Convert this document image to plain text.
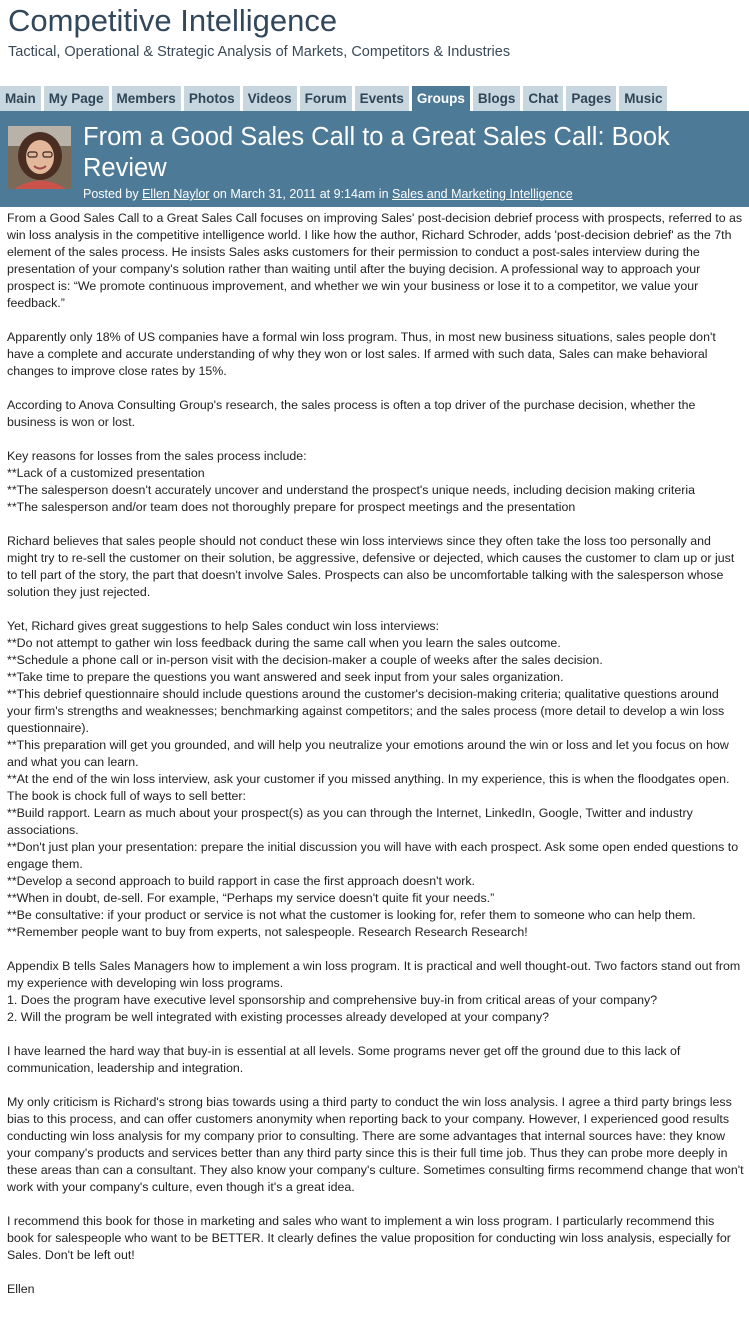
Competitive Intelligence
Tactical, Operational & Strategic Analysis of Markets, Competitors & Industries
Main My Page Members Photos Videos Forum Events Groups Blogs Chat Pages Music
From a Good Sales Call to a Great Sales Call: Book Review
Posted by Ellen Naylor on March 31, 2011 at 9:14am in Sales and Marketing Intelligence

From a Good Sales Call to a Great Sales Call focuses on improving Sales' post-decision debrief process with prospects, referred to as win loss analysis in the competitive intelligence world. I like how the author, Richard Schroder, adds 'post-decision debrief' as the 7th element of the sales process. He insists Sales asks customers for their permission to conduct a post-sales interview during the presentation of your company's solution rather than waiting until after the buying decision. A professional way to approach your prospect is: “We promote continuous improvement, and whether we win your business or lose it to a competitor, we value your feedback.”

Apparently only 18% of US companies have a formal win loss program. Thus, in most new business situations, sales people don't have a complete and accurate understanding of why they won or lost sales. If armed with such data, Sales can make behavioral changes to improve close rates by 15%.

According to Anova Consulting Group's research, the sales process is often a top driver of the purchase decision, whether the business is won or lost.

Key reasons for losses from the sales process include:
**Lack of a customized presentation
**The salesperson doesn't accurately uncover and understand the prospect's unique needs, including decision making criteria
**The salesperson and/or team does not thoroughly prepare for prospect meetings and the presentation

Richard believes that sales people should not conduct these win loss interviews since they often take the loss too personally and might try to re-sell the customer on their solution, be aggressive, defensive or dejected, which causes the customer to clam up or just to tell part of the story, the part that doesn't involve Sales. Prospects can also be uncomfortable talking with the salesperson whose solution they just rejected.

Yet, Richard gives great suggestions to help Sales conduct win loss interviews:
**Do not attempt to gather win loss feedback during the same call when you learn the sales outcome.
**Schedule a phone call or in-person visit with the decision-maker a couple of weeks after the sales decision.
**Take time to prepare the questions you want answered and seek input from your sales organization.
**This debrief questionnaire should include questions around the customer's decision-making criteria; qualitative questions around your firm's strengths and weaknesses; benchmarking against competitors; and the sales process (more detail to develop a win loss questionnaire).
**This preparation will get you grounded, and will help you neutralize your emotions around the win or loss and let you focus on how and what you can learn.
**At the end of the win loss interview, ask your customer if you missed anything. In my experience, this is when the floodgates open.
The book is chock full of ways to sell better:
**Build rapport. Learn as much about your prospect(s) as you can through the Internet, LinkedIn, Google, Twitter and industry associations.
**Don't just plan your presentation: prepare the initial discussion you will have with each prospect. Ask some open ended questions to engage them.
**Develop a second approach to build rapport in case the first approach doesn't work.
**When in doubt, de-sell. For example, “Perhaps my service doesn't quite fit your needs.”
**Be consultative: if your product or service is not what the customer is looking for, refer them to someone who can help them.
**Remember people want to buy from experts, not salespeople. Research Research Research!

Appendix B tells Sales Managers how to implement a win loss program. It is practical and well thought-out. Two factors stand out from my experience with developing win loss programs.
1. Does the program have executive level sponsorship and comprehensive buy-in from critical areas of your company?
2. Will the program be well integrated with existing processes already developed at your company?

I have learned the hard way that buy-in is essential at all levels. Some programs never get off the ground due to this lack of communication, leadership and integration.

My only criticism is Richard's strong bias towards using a third party to conduct the win loss analysis. I agree a third party brings less bias to this process, and can offer customers anonymity when reporting back to your company. However, I experienced good results conducting win loss analysis for my company prior to consulting. There are some advantages that internal sources have: they know your company's products and services better than any third party since this is their full time job. Thus they can probe more deeply in these areas than can a consultant. They also know your company's culture. Sometimes consulting firms recommend change that won't work with your company's culture, even though it's a great idea.

I recommend this book for those in marketing and sales who want to implement a win loss program. I particularly recommend this book for salespeople who want to be BETTER. It clearly defines the value proposition for conducting win loss analysis, especially for Sales. Don't be left out!

Ellen
